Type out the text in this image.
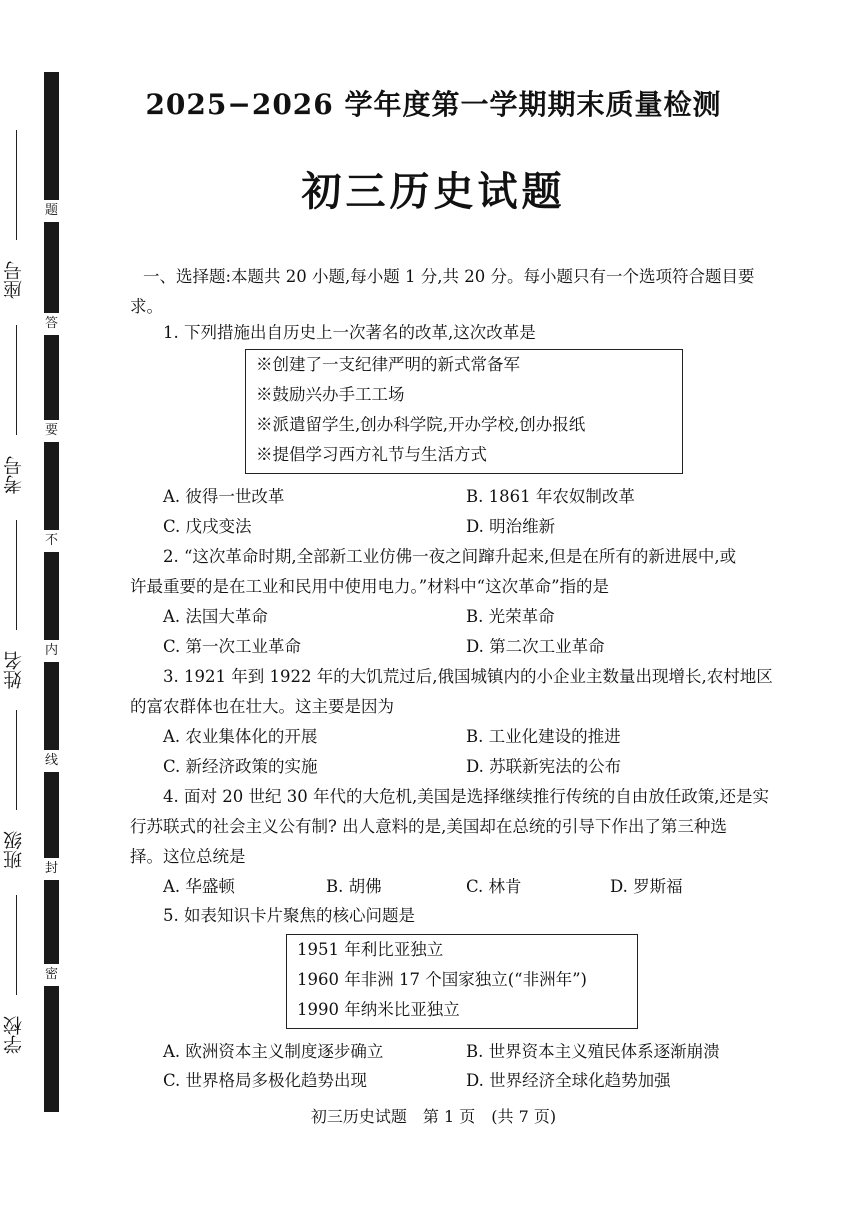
题
答
要
不
内
线
封
密
座号
考号
姓名
班级
学校
2025−2026 学年度第一学期期末质量检测
初三历史试题
一、选择题:本题共 20 小题,每小题 1 分,共 20 分。每小题只有一个选项符合题目要
求。
1. 下列措施出自历史上一次著名的改革,这次改革是
※创建了一支纪律严明的新式常备军
※鼓励兴办手工工场
※派遣留学生,创办科学院,开办学校,创办报纸
※提倡学习西方礼节与生活方式
A. 彼得一世改革	B. 1861 年农奴制改革
C. 戊戌变法	D. 明治维新
2. “这次革命时期,全部新工业仿佛一夜之间蹿升起来,但是在所有的新进展中,或
许最重要的是在工业和民用中使用电力。”材料中“这次革命”指的是
A. 法国大革命	B. 光荣革命
C. 第一次工业革命	D. 第二次工业革命
3. 1921 年到 1922 年的大饥荒过后,俄国城镇内的小企业主数量出现增长,农村地区
的富农群体也在壮大。这主要是因为
A. 农业集体化的开展	B. 工业化建设的推进
C. 新经济政策的实施	D. 苏联新宪法的公布
4. 面对 20 世纪 30 年代的大危机,美国是选择继续推行传统的自由放任政策,还是实
行苏联式的社会主义公有制? 出人意料的是,美国却在总统的引导下作出了第三种选
择。这位总统是
A. 华盛顿	B. 胡佛	C. 林肯	D. 罗斯福
5. 如表知识卡片聚焦的核心问题是
1951 年利比亚独立
1960 年非洲 17 个国家独立(“非洲年”)
1990 年纳米比亚独立
A. 欧洲资本主义制度逐步确立	B. 世界资本主义殖民体系逐渐崩溃
C. 世界格局多极化趋势出现	D. 世界经济全球化趋势加强
初三历史试题　第 1 页　(共 7 页)
